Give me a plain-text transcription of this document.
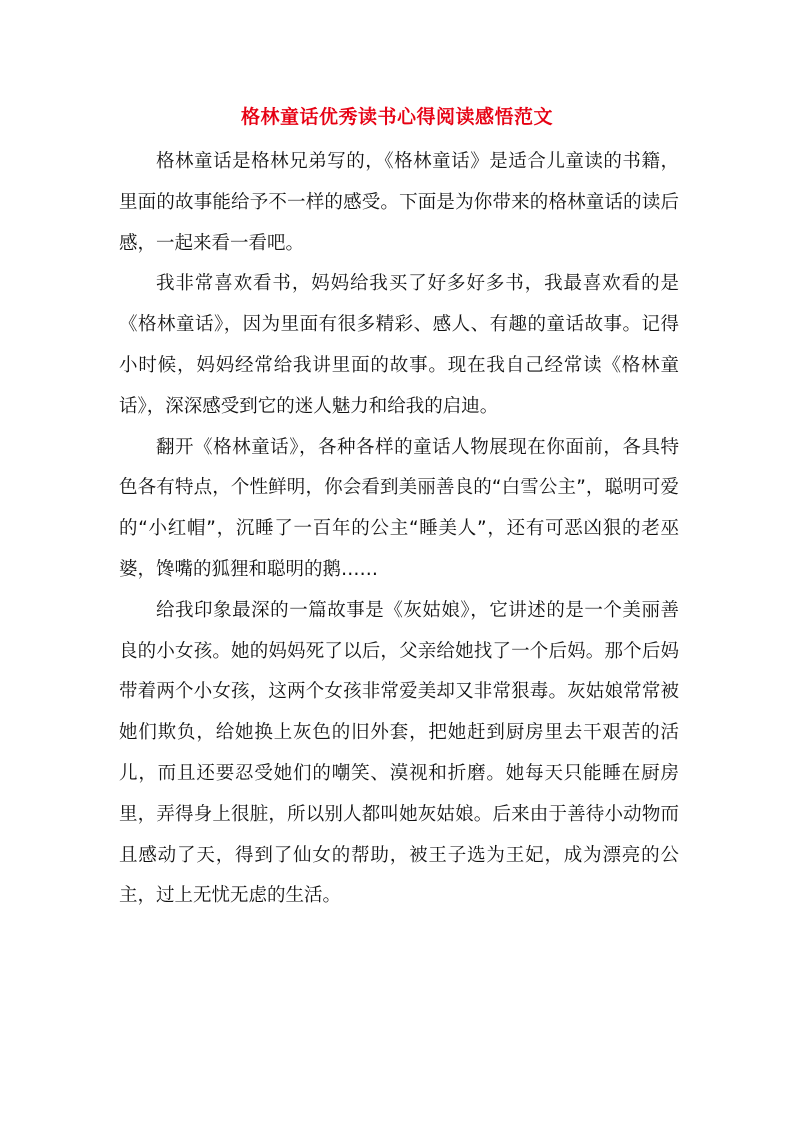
格林童话优秀读书心得阅读感悟范文

格林童话是格林兄弟写的，《格林童话》是适合儿童读的书籍，里面的故事能给予不一样的感受。下面是为你带来的格林童话的读后感，一起来看一看吧。

我非常喜欢看书，妈妈给我买了好多好多书，我最喜欢看的是《格林童话》，因为里面有很多精彩、感人、有趣的童话故事。记得小时候，妈妈经常给我讲里面的故事。现在我自己经常读《格林童话》，深深感受到它的迷人魅力和给我的启迪。

翻开《格林童话》，各种各样的童话人物展现在你面前，各具特色各有特点，个性鲜明，你会看到美丽善良的“白雪公主”，聪明可爱的“小红帽”，沉睡了一百年的公主“睡美人”，还有可恶凶狠的老巫婆，馋嘴的狐狸和聪明的鹅……

给我印象最深的一篇故事是《灰姑娘》，它讲述的是一个美丽善良的小女孩。她的妈妈死了以后，父亲给她找了一个后妈。那个后妈带着两个小女孩，这两个女孩非常爱美却又非常狠毒。灰姑娘常常被她们欺负，给她换上灰色的旧外套，把她赶到厨房里去干艰苦的活儿，而且还要忍受她们的嘲笑、漠视和折磨。她每天只能睡在厨房里，弄得身上很脏，所以别人都叫她灰姑娘。后来由于善待小动物而且感动了天，得到了仙女的帮助，被王子选为王妃，成为漂亮的公主，过上无忧无虑的生活。
